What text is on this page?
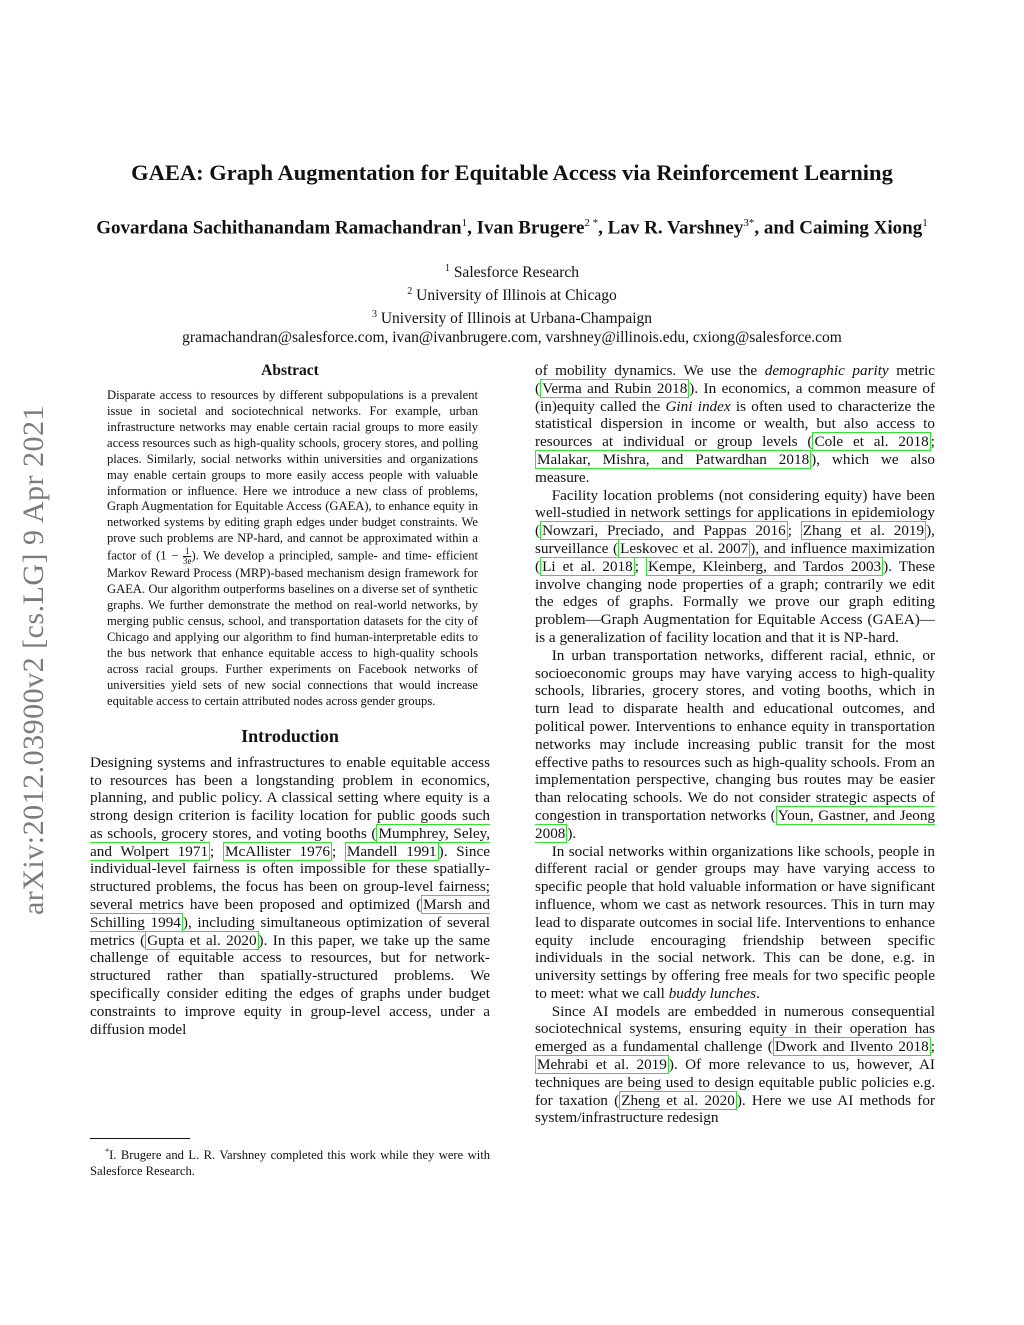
arXiv:2012.03900v2 [cs.LG] 9 Apr 2021
GAEA: Graph Augmentation for Equitable Access via Reinforcement Learning
Govardana Sachithanandam Ramachandran$^1$, Ivan Brugere$^{2 *}$, Lav R. Varshney$^{3*}$, and Caiming Xiong$^1$
$^1$ Salesforce Research
$^2$ University of Illinois at Chicago
$^3$ University of Illinois at Urbana-Champaign
gramachandran@salesforce.com, ivan@ivanbrugere.com, varshney@illinois.edu, cxiong@salesforce.com
Abstract
Disparate access to resources by different subpopulations is a prevalent issue in societal and sociotechnical networks. For example, urban infrastructure networks may enable certain racial groups to more easily access resources such as high-quality schools, grocery stores, and polling places. Similarly, social networks within universities and organizations may enable certain groups to more easily access people with valuable information or influence. Here we introduce a new class of problems, Graph Augmentation for Equitable Access (GAEA), to enhance equity in networked systems by editing graph edges under budget constraints. We prove such problems are NP-hard, and cannot be approximated within a factor of $(1 - \frac{1}{3e})$. We develop a principled, sample- and time- efficient Markov Reward Process (MRP)-based mechanism design framework for GAEA. Our algorithm outperforms baselines on a diverse set of synthetic graphs. We further demonstrate the method on real-world networks, by merging public census, school, and transportation datasets for the city of Chicago and applying our algorithm to find human-interpretable edits to the bus network that enhance equitable access to high-quality schools across racial groups. Further experiments on Facebook networks of universities yield sets of new social connections that would increase equitable access to certain attributed nodes across gender groups.
Introduction

Designing systems and infrastructures to enable equitable access to resources has been a longstanding problem in economics, planning, and public policy. A classical setting where equity is a strong design criterion is facility location for public goods such as schools, grocery stores, and voting booths ( Mumphrey, Seley, and Wolpert 1971 ; McAllister 1976 ; Mandell 1991 ). Since individual-level fairness is often impossible for these spatially-structured problems, the focus has been on group-level fairness; several metrics have been proposed and optimized ( Marsh and Schilling 1994 ), including simultaneous optimization of several metrics ( Gupta et al. 2020 ). In this paper, we take up the same challenge of equitable access to resources, but for network-structured rather than spatially-structured problems. We specifically consider editing the edges of graphs under budget constraints to improve equity in group-level access, under a diffusion model

*I. Brugere and L. R. Varshney completed this work while they were with Salesforce Research.

of mobility dynamics. We use the demographic parity metric ( Verma and Rubin 2018 ). In economics, a common measure of (in)equity called the Gini index is often used to characterize the statistical dispersion in income or wealth, but also access to resources at individual or group levels ( Cole et al. 2018 ; Malakar, Mishra, and Patwardhan 2018 ), which we also measure.

Facility location problems (not considering equity) have been well-studied in network settings for applications in epidemiology ( Nowzari, Preciado, and Pappas 2016 ; Zhang et al. 2019 ), surveillance ( Leskovec et al. 2007 ), and influence maximization ( Li et al. 2018 ; Kempe, Kleinberg, and Tardos 2003 ). These involve changing node properties of a graph; contrarily we edit the edges of graphs. Formally we prove our graph editing problem—Graph Augmentation for Equitable Access (GAEA)—is a generalization of facility location and that it is NP-hard.

In urban transportation networks, different racial, ethnic, or socioeconomic groups may have varying access to high-quality schools, libraries, grocery stores, and voting booths, which in turn lead to disparate health and educational outcomes, and political power. Interventions to enhance equity in transportation networks may include increasing public transit for the most effective paths to resources such as high-quality schools. From an implementation perspective, changing bus routes may be easier than relocating schools. We do not consider strategic aspects of congestion in transportation networks ( Youn, Gastner, and Jeong 2008 ).

In social networks within organizations like schools, people in different racial or gender groups may have varying access to specific people that hold valuable information or have significant influence, whom we cast as network resources. This in turn may lead to disparate outcomes in social life. Interventions to enhance equity include encouraging friendship between specific individuals in the social network. This can be done, e.g. in university settings by offering free meals for two specific people to meet: what we call buddy lunches.

Since AI models are embedded in numerous consequential sociotechnical systems, ensuring equity in their operation has emerged as a fundamental challenge ( Dwork and Ilvento 2018 ; Mehrabi et al. 2019 ). Of more relevance to us, however, AI techniques are being used to design equitable public policies e.g. for taxation ( Zheng et al. 2020 ). Here we use AI methods for system/infrastructure redesign
